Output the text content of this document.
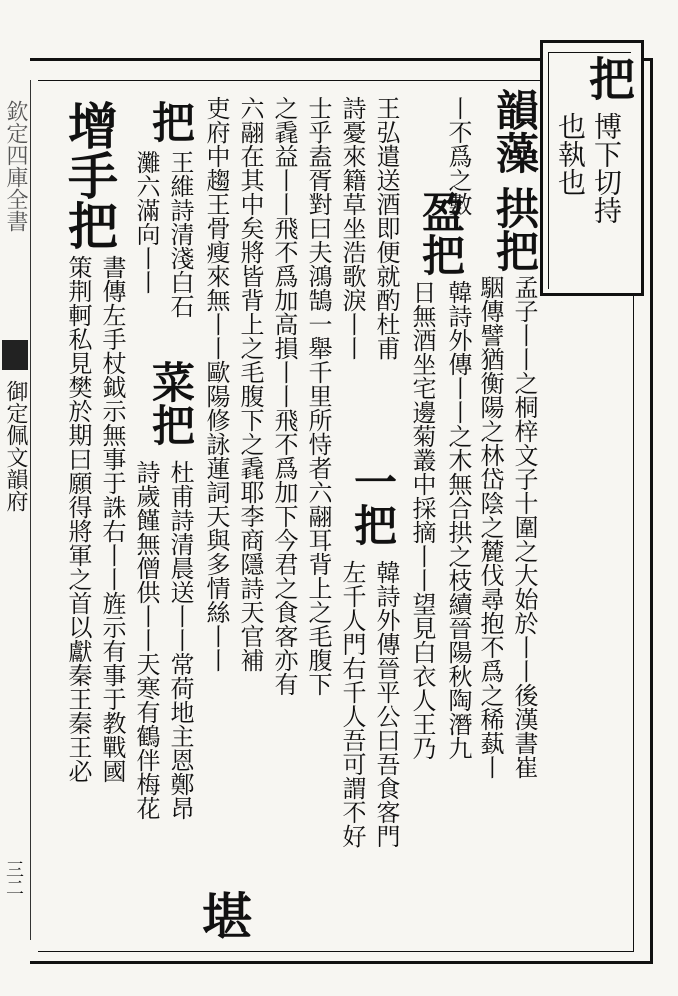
欽定四庫全書
御定佩文韻府
三二
把
博下切持
也執也
韻藻
拱把
孟子丨丨之桐梓文子十圍之大始於丨丨後漢書崔
駰傳譬猶衡陽之林岱陰之麓伐尋抱不爲之稀蓺丨
丨不爲之數
盈把
韓詩外傳丨丨之木無合拱之枝續晉陽秋陶潛九
日無酒坐宅邊菊叢中採摘丨丨望見白衣人王乃
王弘遣送酒即便就酌杜甫
一把
韓詩外傳晉平公曰吾食客門
詩憂來籍草坐浩歌淚丨丨
左千人門右千人吾可謂不好
士乎盍胥對曰夫鴻鵠一舉千里所恃者六翮耳背上之毛腹下
之毳益丨丨飛不爲加高損丨丨飛不爲加下今君之食客亦有
六翮在其中矣將皆背上之毛腹下之毳耶李商隱詩天官補
吏府中趨王骨瘦來無丨丨歐陽修詠蓮詞天與多情絲丨丨
堪
把
王維詩清淺白石
菜把
杜甫詩清晨送丨丨常荷地主恩鄭昂
灘六滿向丨丨
詩歲饉無僧供丨丨天寒有鶴伴梅花
增手把
書傳左手杖鉞示無事于誅右丨丨旌示有事于教戰國
策荆軻私見樊於期曰願得將軍之首以獻秦王秦王必
